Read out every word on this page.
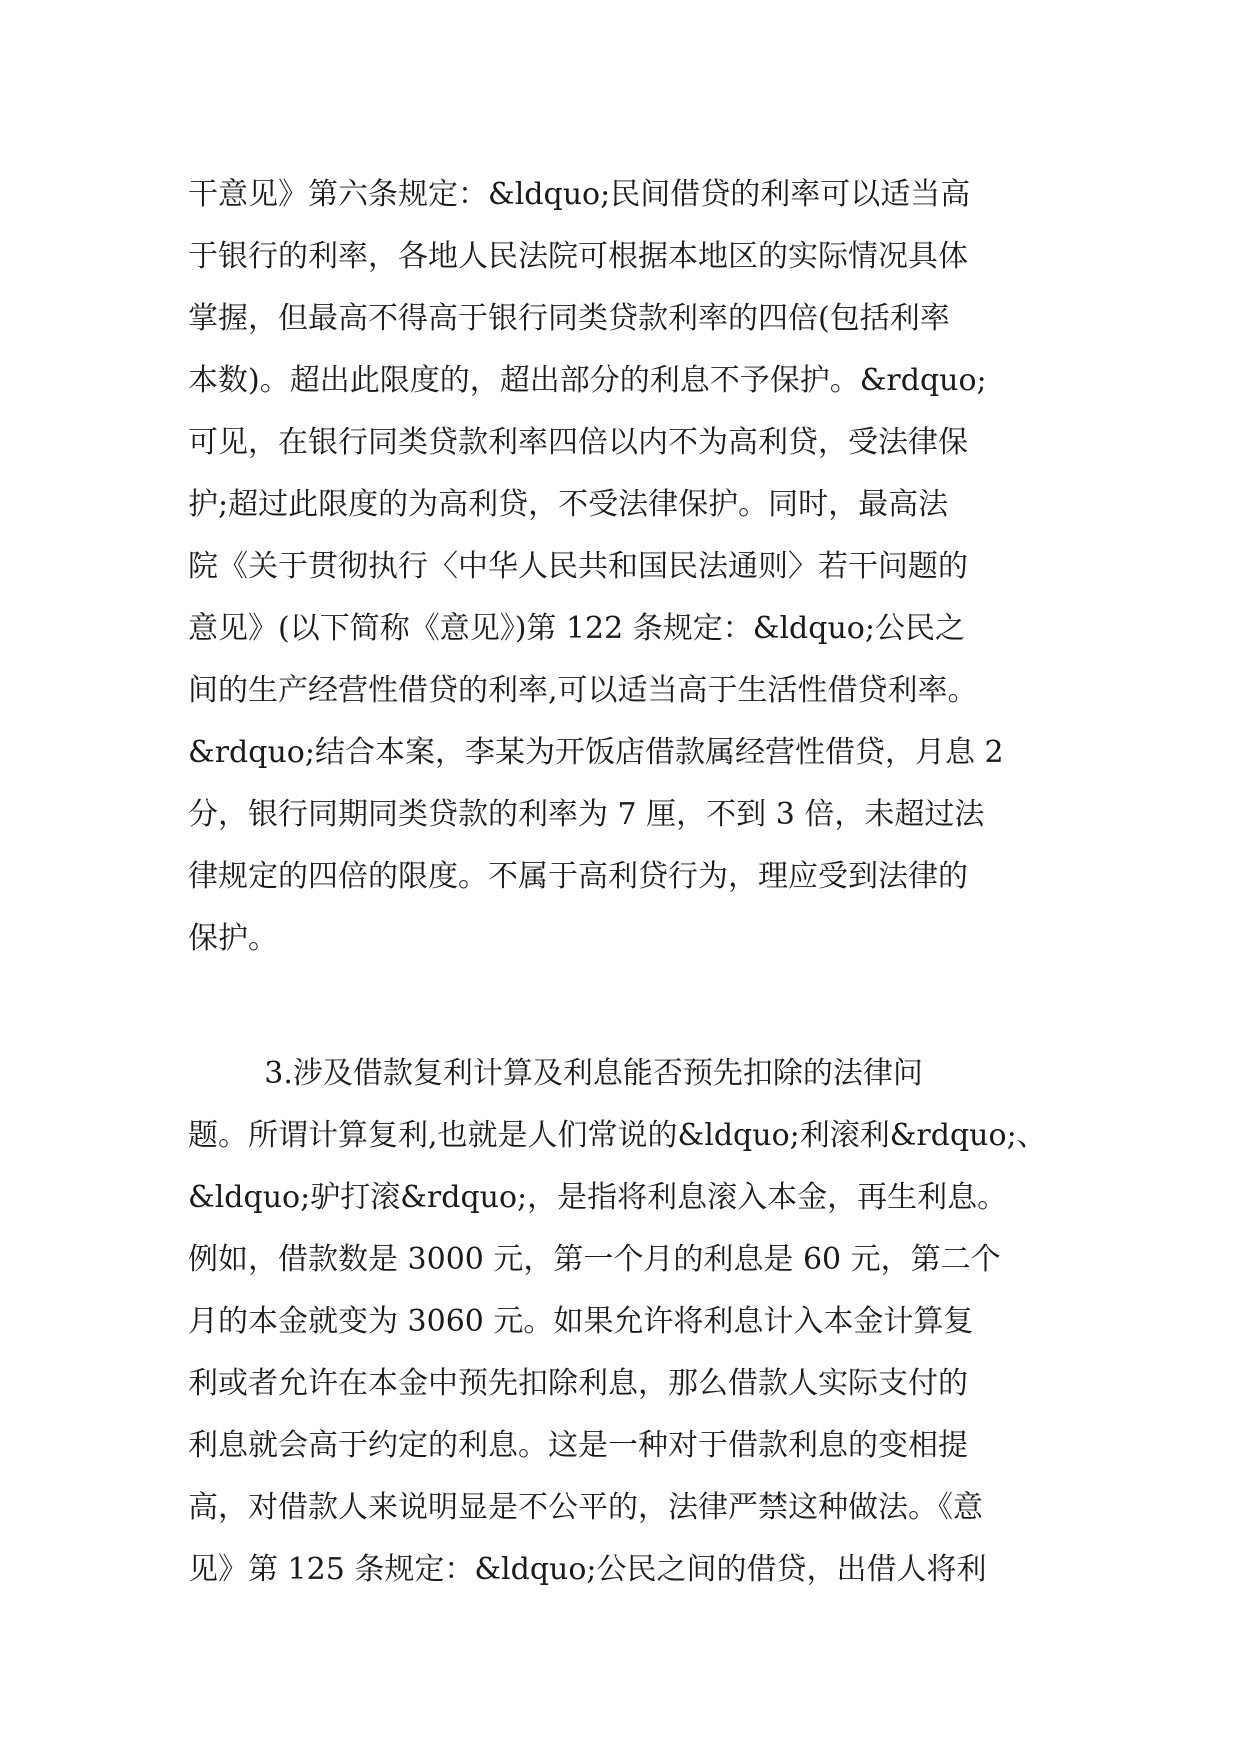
干意见》第六条规定：&ldquo;民间借贷的利率可以适当高
于银行的利率，各地人民法院可根据本地区的实际情况具体
掌握，但最高不得高于银行同类贷款利率的四倍(包括利率
本数)。超出此限度的，超出部分的利息不予保护。&rdquo;
可见，在银行同类贷款利率四倍以内不为高利贷，受法律保
护;超过此限度的为高利贷，不受法律保护。同时，最高法
院《关于贯彻执行〈中华人民共和国民法通则〉若干问题的
意见》(以下简称《意见》)第 122 条规定：&ldquo;公民之
间的生产经营性借贷的利率,可以适当高于生活性借贷利率。
&rdquo;结合本案，李某为开饭店借款属经营性借贷，月息 2
分，银行同期同类贷款的利率为 7 厘，不到 3 倍，未超过法
律规定的四倍的限度。不属于高利贷行为，理应受到法律的
保护。
3.涉及借款复利计算及利息能否预先扣除的法律问
题。所谓计算复利,也就是人们常说的&ldquo;利滚利&rdquo;、
&ldquo;驴打滚&rdquo;，是指将利息滚入本金，再生利息。
例如，借款数是 3000 元，第一个月的利息是 60 元，第二个
月的本金就变为 3060 元。如果允许将利息计入本金计算复
利或者允许在本金中预先扣除利息，那么借款人实际支付的
利息就会高于约定的利息。这是一种对于借款利息的变相提
高，对借款人来说明显是不公平的，法律严禁这种做法。《意
见》第 125 条规定：&ldquo;公民之间的借贷，出借人将利
